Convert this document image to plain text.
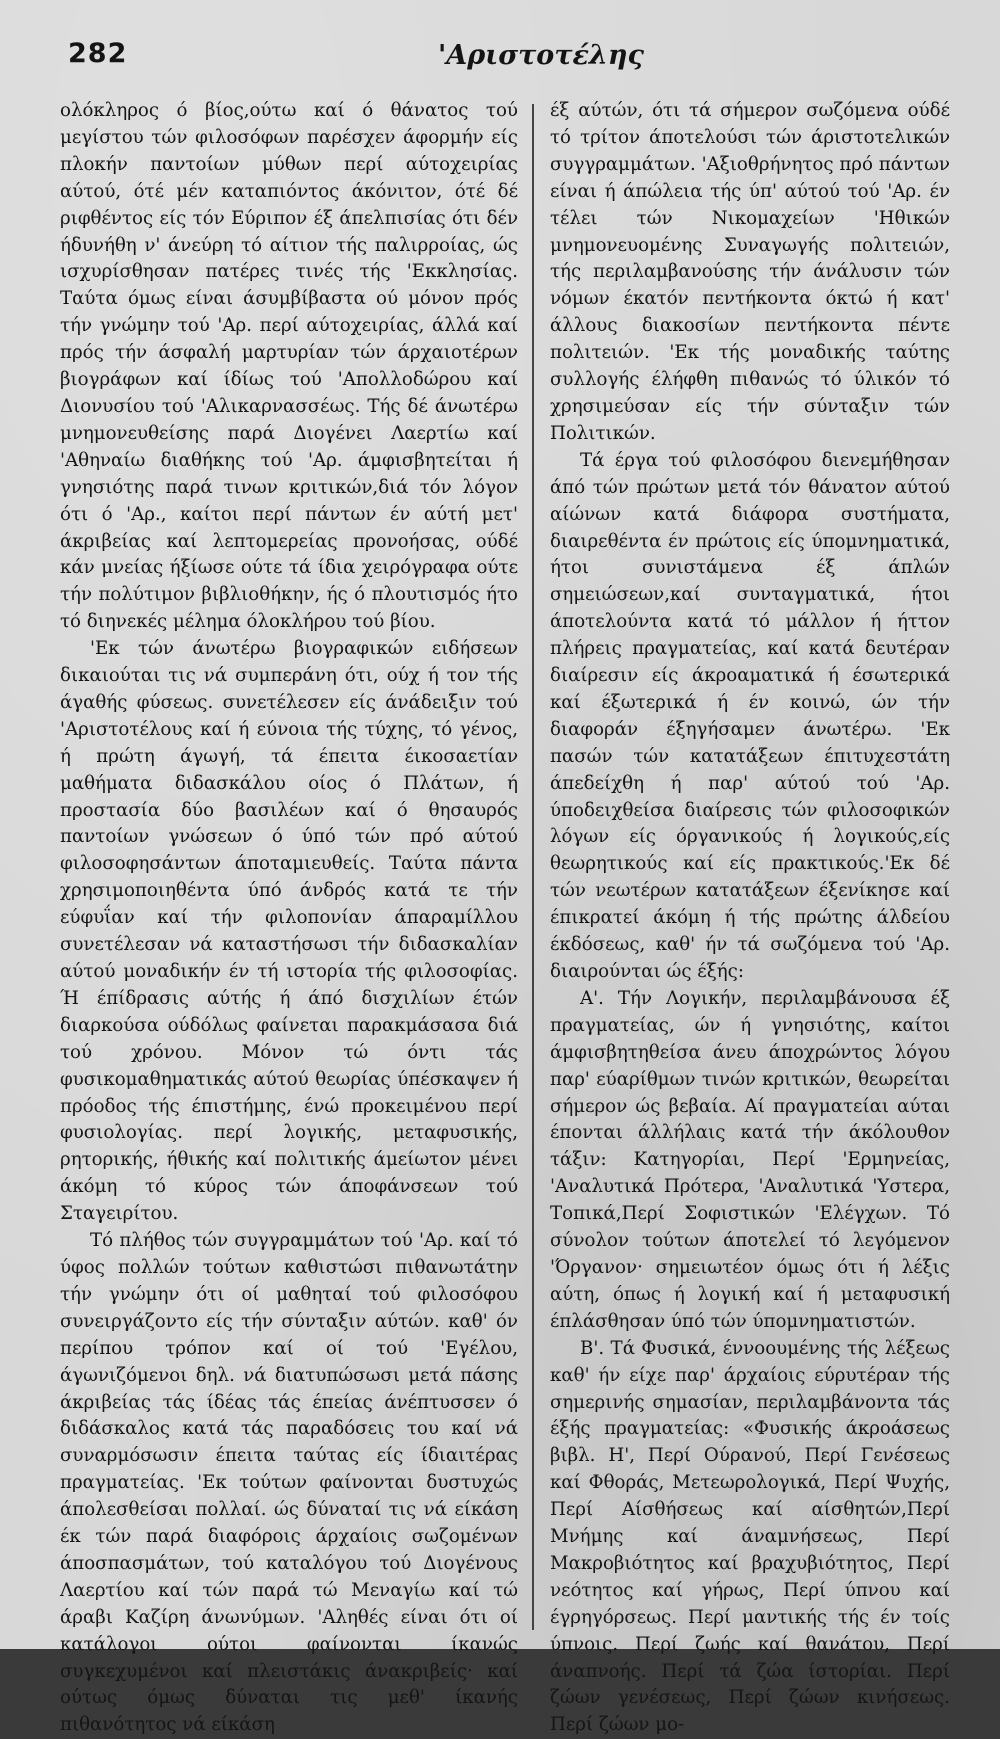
282	'Αριστοτέλης

ολόκληρος ό βίος,ούτω καί ό θάνατος τού μεγίστου τών φιλοσόφων παρέσχεν άφορμήν είς πλοκήν παντοίων μύθων περί αύτοχειρίας αύτού, ότέ μέν καταπιόντος άκόνιτον, ότέ δέ ριφθέντος είς τόν Εύριπον έξ άπελπισίας ότι δέν ήδυνήθη ν' άνεύρη τό αίτιον τής παλιρροίας, ώς ισχυρίσθησαν πατέρες τινές τής 'Εκκλησίας. Ταύτα όμως είναι άσυμβίβαστα ού μόνον πρός τήν γνώμην τού 'Αρ. περί αύτοχειρίας, άλλά καί πρός τήν άσφαλή μαρτυρίαν τών άρχαιοτέρων βιογράφων καί ίδίως τού 'Απολλοδώρου καί Διονυσίου τού 'Αλικαρνασσέως. Τής δέ άνωτέρω μνημονευθείσης παρά Διογένει Λαερτίω καί 'Αθηναίω διαθήκης τού 'Αρ. άμφισβητείται ή γνησιότης παρά τινων κριτικών,διά τόν λόγον ότι ό 'Αρ., καίτοι περί πάντων έν αύτή μετ' άκριβείας καί λεπτομερείας προνοήσας, ούδέ κάν μνείας ήξίωσε ούτε τά ίδια χειρόγραφα ούτε τήν πολύτιμον βιβλιοθήκην, ής ό πλουτισμός ήτο τό διηνεκές μέλημα όλοκλήρου τού βίου.

'Εκ τών άνωτέρω βιογραφικών ειδήσεων δικαιούται τις νά συμπεράνη ότι, ούχ ή τον τής άγαθής φύσεως. συνετέλεσεν είς άνάδειξιν τού 'Αριστοτέλους καί ή εύνοια τής τύχης, τό γένος, ή πρώτη άγωγή, τά έπειτα έικοσαετίαν μαθήματα διδασκάλου οίος ό Πλάτων, ή προστασία δύο βασιλέων καί ό θησαυρός παντοίων γνώσεων ό ύπό τών πρό αύτού φιλοσοφησάντων άποταμιευθείς. Ταύτα πάντα χρησιμοποιηθέντα ύπό άνδρός κατά τε τήν εύφυΐαν καί τήν φιλοπονίαν άπαραμίλλου συνετέλεσαν νά καταστήσωσι τήν διδασκαλίαν αύτού μοναδικήν έν τή ιστορία τής φιλοσοφίας. Ή έπίδρασις αύτής ή άπό δισχιλίων έτών διαρκούσα ούδόλως φαίνεται παρακμάσασα διά τού χρόνου. Μόνον τώ όντι τάς φυσικομαθηματικάς αύτού θεωρίας ύπέσκαψεν ή πρόοδος τής έπιστήμης, ένώ προκειμένου περί φυσιολογίας. περί λογικής, μεταφυσικής, ρητορικής, ήθικής καί πολιτικής άμείωτον μένει άκόμη τό κύρος τών άποφάνσεων τού Σταγειρίτου.

Τό πλήθος τών συγγραμμάτων τού 'Αρ. καί τό ύφος πολλών τούτων καθιστώσι πιθανωτάτην τήν γνώμην ότι οί μαθηταί τού φιλοσόφου συνειργάζοντο είς τήν σύνταξιν αύτών. καθ' όν περίπου τρόπον καί οί τού 'Εγέλου, άγωνιζόμενοι δηλ. νά διατυπώσωσι μετά πάσης άκριβείας τάς ίδέας τάς έπείας άνέπτυσσεν ό διδάσκαλος κατά τάς παραδόσεις του καί νά συναρμόσωσιν έπειτα ταύτας είς ίδιαιτέρας πραγματείας. 'Εκ τούτων φαίνονται δυστυχώς άπολεσθείσαι πολλαί. ώς δύναταί τις νά είκάση έκ τών παρά διαφόροις άρχαίοις σωζομένων άποσπασμάτων, τού καταλόγου τού Διογένους Λαερτίου καί τών παρά τώ Μεναγίω καί τώ άραβι Καζίρη άνωνύμων. 'Αληθές είναι ότι οί κατάλογοι ούτοι φαίνονται ίκανώς συγκεχυμένοι καί πλειστάκις άνακριβείς· καί ούτως όμως δύναται τις μεθ' ίκανής πιθανότητος νά είκάση

έξ αύτών, ότι τά σήμερον σωζόμενα ούδέ τό τρίτον άποτελούσι τών άριστοτελικών συγγραμμάτων. 'Αξιοθρήνητος πρό πάντων είναι ή άπώλεια τής ύπ' αύτού τού 'Αρ. έν τέλει τών Νικομαχείων 'Ηθικών μνημονευομένης Συναγωγής πολιτειών, τής περιλαμβανούσης τήν άνάλυσιν τών νόμων έκατόν πεντήκοντα όκτώ ή κατ' άλλους διακοσίων πεντήκοντα πέντε πολιτειών. 'Εκ τής μοναδικής ταύτης συλλογής έλήφθη πιθανώς τό ύλικόν τό χρησιμεύσαν είς τήν σύνταξιν τών Πολιτικών.

Τά έργα τού φιλοσόφου διενεμήθησαν άπό τών πρώτων μετά τόν θάνατον αύτού αίώνων κατά διάφορα συστήματα, διαιρεθέντα έν πρώτοις είς ύπομνηματικά, ήτοι συνιστάμενα έξ άπλών σημειώσεων,καί συνταγματικά, ήτοι άποτελούντα κατά τό μάλλον ή ήττον πλήρεις πραγματείας, καί κατά δευτέραν διαίρεσιν είς άκροαματικά ή έσωτερικά καί έξωτερικά ή έν κοινώ, ών τήν διαφοράν έξηγήσαμεν άνωτέρω. 'Εκ πασών τών κατατάξεων έπιτυχεστάτη άπεδείχθη ή παρ' αύτού τού 'Αρ. ύποδειχθείσα διαίρεσις τών φιλοσοφικών λόγων είς όργανικούς ή λογικούς,είς θεωρητικούς καί είς πρακτικούς.'Εκ δέ τών νεωτέρων κατατάξεων έξενίκησε καί έπικρατεί άκόμη ή τής πρώτης άλδείου έκδόσεως, καθ' ήν τά σωζόμενα τού 'Αρ. διαιρούνται ώς έξής:

Α'. Τήν Λογικήν, περιλαμβάνουσα έξ πραγματείας, ών ή γνησιότης, καίτοι άμφισβητηθείσα άνευ άποχρώντος λόγου παρ' εύαρίθμων τινών κριτικών, θεωρείται σήμερον ώς βεβαία. Αί πραγματείαι αύται έπονται άλλήλαις κατά τήν άκόλουθον τάξιν: Κατηγορίαι, Περί 'Ερμηνείας, 'Αναλυτικά Πρότερα, 'Αναλυτικά 'Υστερα, Τοπικά,Περί Σοφιστικών 'Ελέγχων. Τό σύνολον τούτων άποτελεί τό λεγόμενον 'Όργανον· σημειωτέον όμως ότι ή λέξις αύτη, όπως ή λογική καί ή μεταφυσική έπλάσθησαν ύπό τών ύπομνηματιστών.

Β'. Τά Φυσικά, έννοουμένης τής λέξεως καθ' ήν είχε παρ' άρχαίοις εύρυτέραν τής σημερινής σημασίαν, περιλαμβάνοντα τάς έξής πραγματείας: «Φυσικής άκροάσεως βιβλ. Η', Περί Ούρανού, Περί Γενέσεως καί Φθοράς, Μετεωρολογικά, Περί Ψυχής, Περί Αίσθήσεως καί αίσθητών,Περί Μνήμης καί άναμνήσεως, Περί Μακροβιότητος καί βραχυβιότητος, Περί νεότητος καί γήρως, Περί ύπνου καί έγρηγόρσεως. Περί μαντικής τής έν τοίς ύπνοις. Περί ζωής καί θανάτου, Περί άναπνοής. Περί τά ζώα ίστορίαι. Περί ζώων γενέσεως, Περί ζώων κινήσεως. Περί ζώων μο-
